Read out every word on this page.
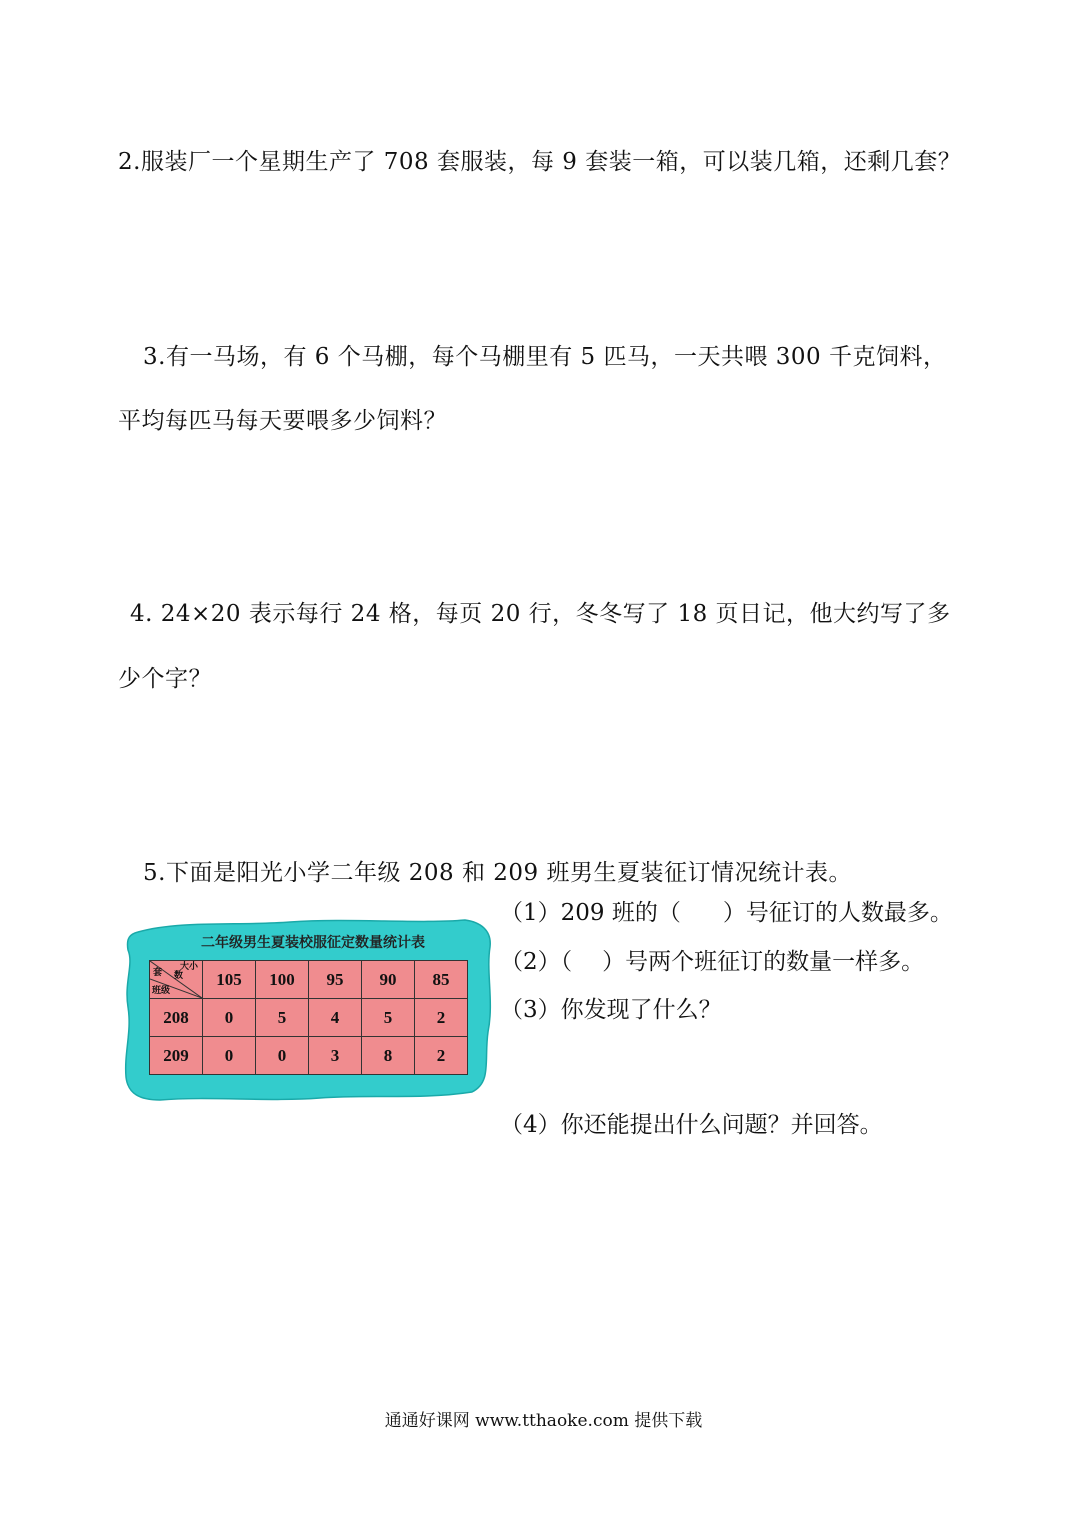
2.服装厂一个星期生产了 708 套服装，每 9 套装一箱，可以装几箱，还剩几套？
3.有一马场，有 6 个马棚，每个马棚里有 5 匹马，一天共喂 300 千克饲料，
平均每匹马每天要喂多少饲料？
4. 24×20 表示每行 24 格，每页 20 行，冬冬写了 18 页日记，他大约写了多
少个字？
5.下面是阳光小学二年级 208 和 209 班男生夏装征订情况统计表。
（1）209 班的（ ）号征订的人数最多。
（2）（ ）号两个班征订的数量一样多。
（3）你发现了什么？
（4）你还能提出什么问题？并回答。
二年级男生夏装校服征定数量统计表
大小
数
套
班级	105	100	95	90	85
208	0	5	4	5	2
209	0	0	3	8	2
通通好课网 www.tthaoke.com 提供下载
